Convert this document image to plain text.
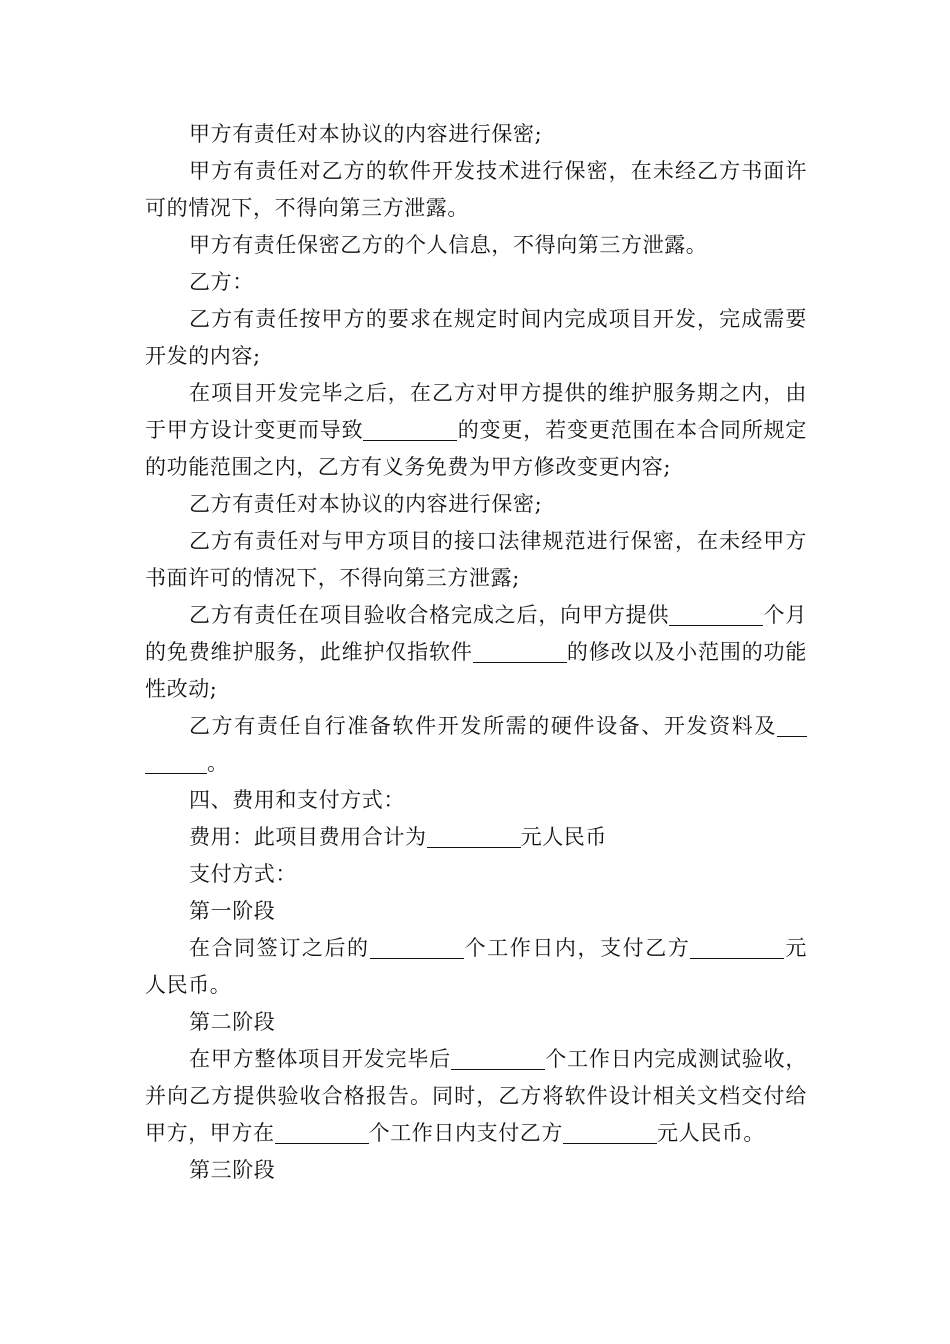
甲方有责任对本协议的内容进行保密;

甲方有责任对乙方的软件开发技术进行保密，在未经乙方书面许可的情况下，不得向第三方泄露。

甲方有责任保密乙方的个人信息，不得向第三方泄露。

乙方：

乙方有责任按甲方的要求在规定时间内完成项目开发，完成需要开发的内容;

在项目开发完毕之后，在乙方对甲方提供的维护服务期之内，由于甲方设计变更而导致	的变更，若变更范围在本合同所规定的功能范围之内，乙方有义务免费为甲方修改变更内容;

乙方有责任对本协议的内容进行保密;

乙方有责任对与甲方项目的接口法律规范进行保密，在未经甲方书面许可的情况下，不得向第三方泄露;

乙方有责任在项目验收合格完成之后，向甲方提供	个月的免费维护服务，此维护仅指软件	的修改以及小范围的功能性改动;

乙方有责任自行准备软件开发所需的硬件设备、开发资料及。

四、费用和支付方式：

费用：此项目费用合计为	元人民币

支付方式：

第一阶段

在合同签订之后的	个工作日内，支付乙方	元人民币。

第二阶段

在甲方整体项目开发完毕后	个工作日内完成测试验收，并向乙方提供验收合格报告。同时，乙方将软件设计相关文档交付给甲方，甲方在	个工作日内支付乙方	元人民币。

第三阶段
